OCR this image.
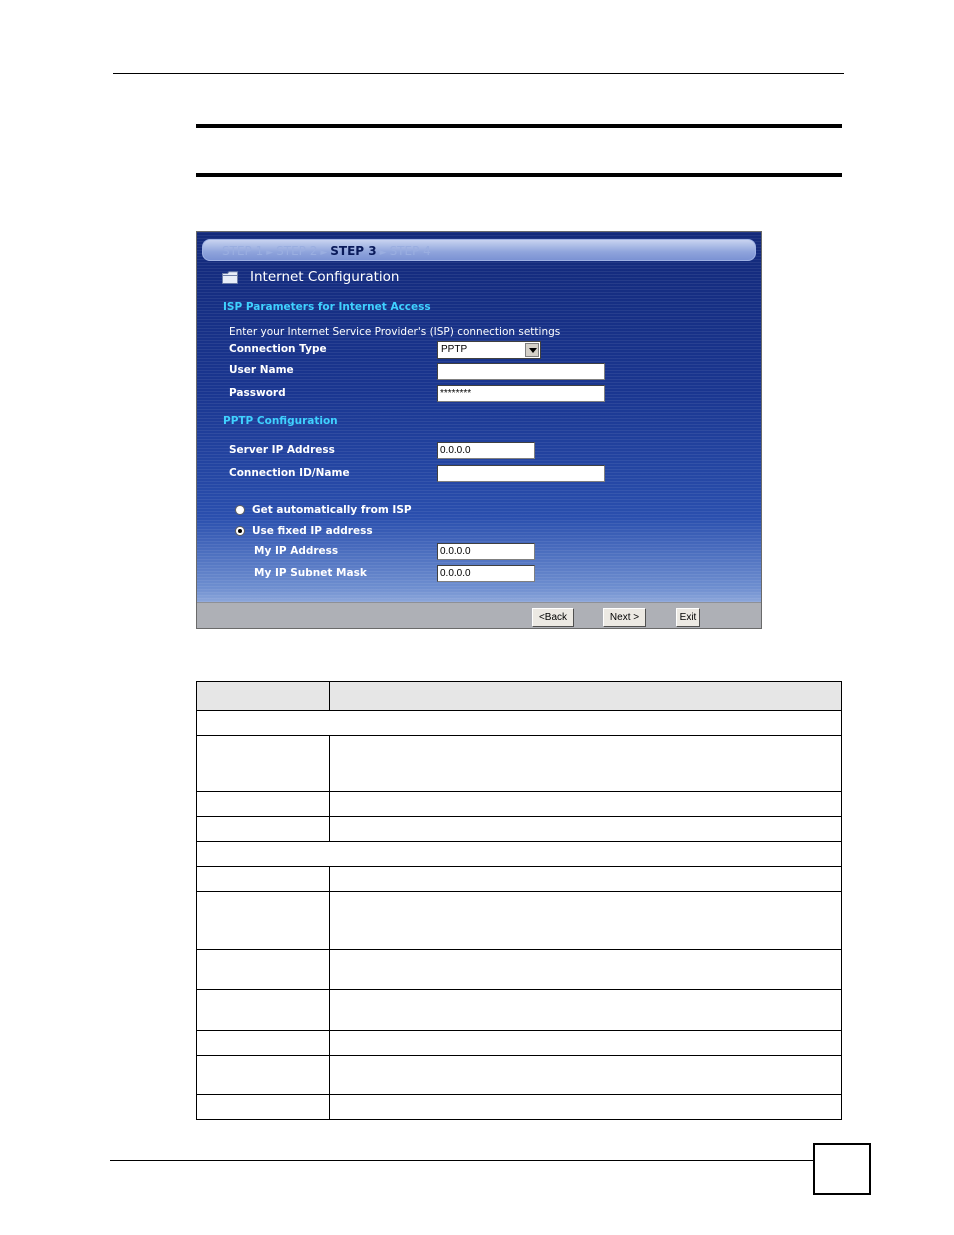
STEP 1 ► STEP 2 ► STEP 3 ► STEP 4
Internet Configuration
ISP Parameters for Internet Access
Enter your Internet Service Provider's (ISP) connection settings
Connection Type	PPTP
User Name
Password	********
PPTP Configuration
Server IP Address	0.0.0.0
Connection ID/Name
Get automatically from ISP
Use fixed IP address
My IP Address	0.0.0.0
My IP Subnet Mask	0.0.0.0
<Back	Next >	Exit
